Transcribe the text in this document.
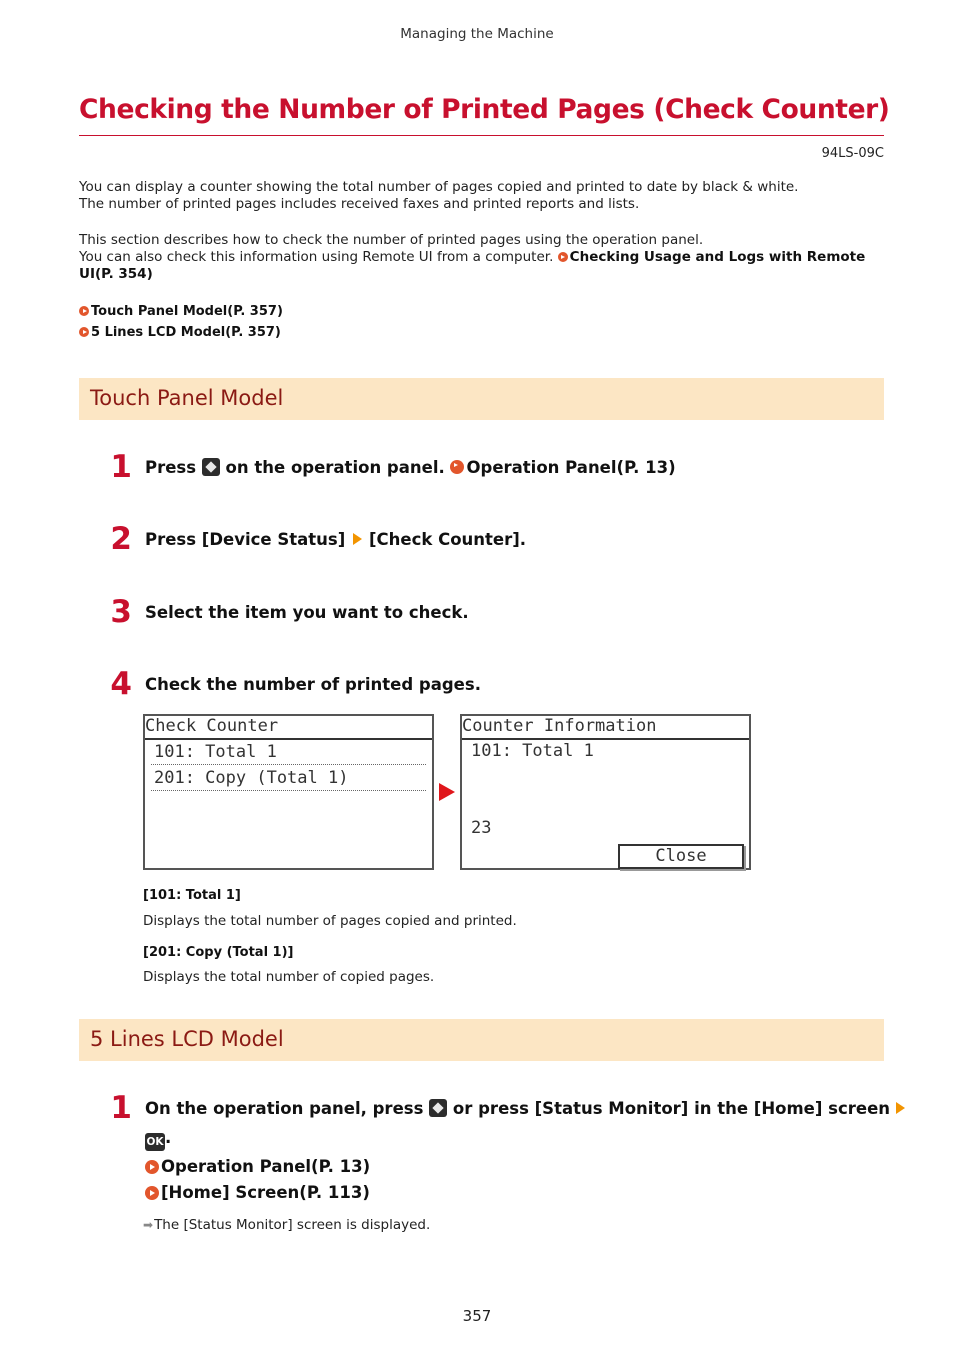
Managing the Machine
Checking the Number of Printed Pages (Check Counter)
94LS-09C
You can display a counter showing the total number of pages copied and printed to date by black & white.
The number of printed pages includes received faxes and printed reports and lists.
This section describes how to check the number of printed pages using the operation panel.
You can also check this information using Remote UI from a computer. Checking Usage and Logs with Remote
UI(P. 354)
Touch Panel Model(P. 357)
5 Lines LCD Model(P. 357)
Touch Panel Model
1 Press  on the operation panel. Operation Panel(P. 13)
2 Press [Device Status] [Check Counter].
3 Select the item you want to check.
4 Check the number of printed pages.
Check Counter
101: Total 1
201: Copy (Total 1)
Counter Information
101: Total 1
23
Close
[101: Total 1]
Displays the total number of pages copied and printed.
[201: Copy (Total 1)]
Displays the total number of copied pages.
5 Lines LCD Model
1 On the operation panel, press  or press [Status Monitor] in the [Home] screen
OK.
Operation Panel(P. 13)
[Home] Screen(P. 113)
➡ The [Status Monitor] screen is displayed.
357
